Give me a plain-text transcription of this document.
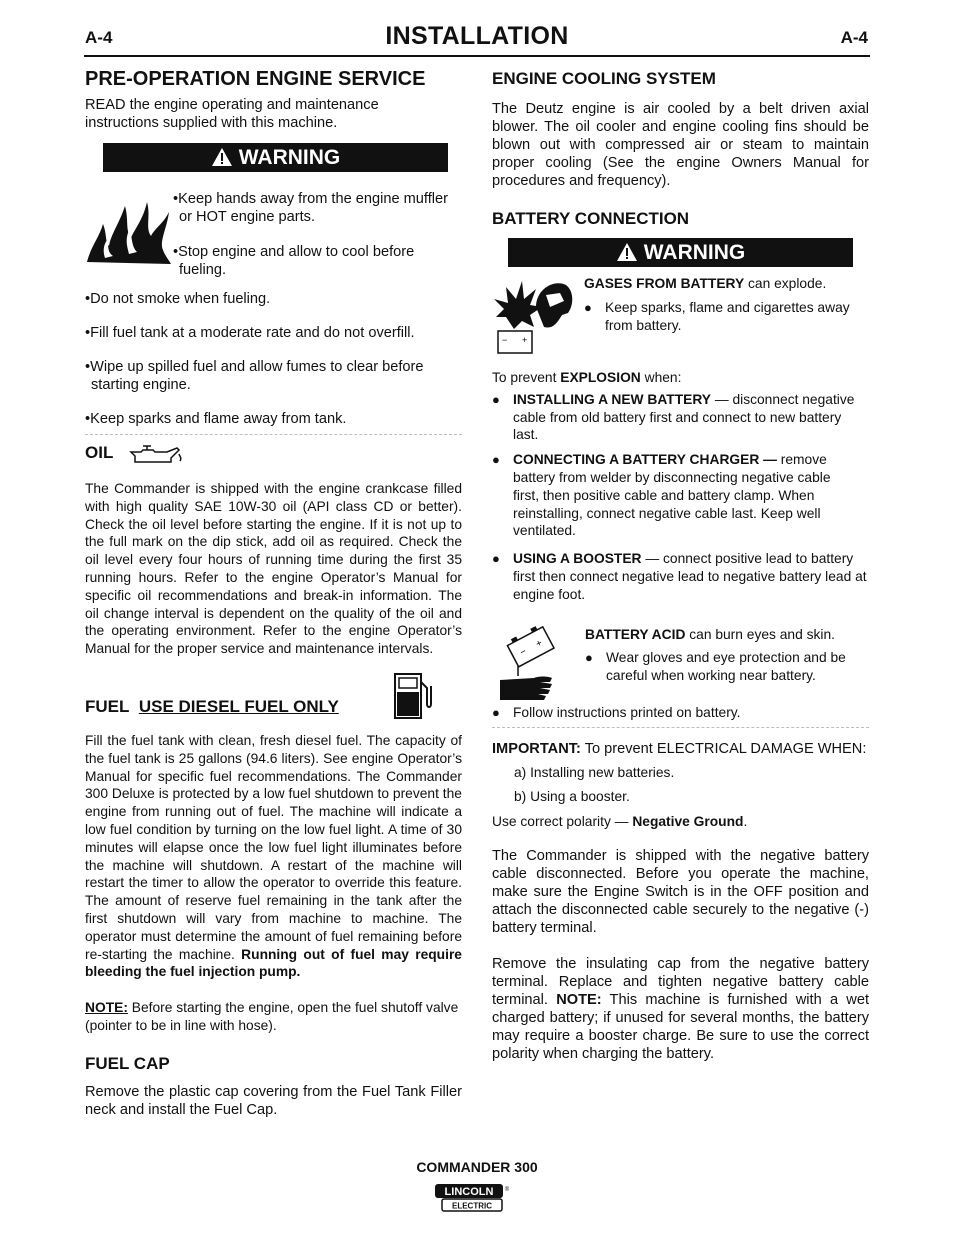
A-4	INSTALLATION	A-4
PRE-OPERATION ENGINE SERVICE

READ the engine operating and maintenance instructions supplied with this machine.

WARNING

•Keep hands away from the engine muffler or HOT engine parts.

•Stop engine and allow to cool before fueling.

•Do not smoke when fueling.

•Fill fuel tank at a moderate rate and do not overfill.

•Wipe up spilled fuel and allow fumes to clear before starting engine.

•Keep sparks and flame away from tank.

OIL

The Commander is shipped with the engine crankcase filled with high quality SAE 10W-30 oil (API class CD or better). Check the oil level before starting the engine. If it is not up to the full mark on the dip stick, add oil as required. Check the oil level every four hours of running time during the first 35 running hours. Refer to the engine Operator’s Manual for specific oil recommendations and break-in information. The oil change interval is dependent on the quality of the oil and the operating environment. Refer to the engine Operator’s Manual for the proper service and maintenance intervals.

FUEL USE DIESEL FUEL ONLY

Fill the fuel tank with clean, fresh diesel fuel. The capacity of the fuel tank is 25 gallons (94.6 liters). See engine Operator’s Manual for specific fuel recommendations. The Commander 300 Deluxe is protected by a low fuel shutdown to prevent the engine from running out of fuel. The machine will indicate a low fuel condition by turning on the low fuel light. A time of 30 minutes will elapse once the low fuel light illuminates before the machine will shutdown. A restart of the machine will restart the timer to allow the operator to override this feature. The amount of reserve fuel remaining in the tank after the first shutdown will vary from machine to machine. The operator must determine the amount of fuel remaining before re-starting the machine. Running out of fuel may require bleeding the fuel injection pump.

NOTE: Before starting the engine, open the fuel shutoff valve (pointer to be in line with hose).

FUEL CAP

Remove the plastic cap covering from the Fuel Tank Filler neck and install the Fuel Cap.

ENGINE COOLING SYSTEM

The Deutz engine is air cooled by a belt driven axial blower. The oil cooler and engine cooling fins should be blown out with compressed air or steam to maintain proper cooling (See the engine Owners Manual for procedures and frequency).

BATTERY CONNECTION
WARNING
− +

GASES FROM BATTERY can explode.

● Keep sparks, flame and cigarettes away from battery.

To prevent EXPLOSION when:

● INSTALLING A NEW BATTERY — disconnect negative cable from old battery first and connect to new battery last.
● CONNECTING A BATTERY CHARGER — remove battery from welder by disconnecting negative cable first, then positive cable and battery clamp. When reinstalling, connect negative cable last. Keep well ventilated.
● USING A BOOSTER — connect positive lead to battery first then connect negative lead to negative battery lead at engine foot.
−
+

BATTERY ACID can burn eyes and skin.

● Wear gloves and eye protection and be careful when working near battery.
● Follow instructions printed on battery.

IMPORTANT: To prevent ELECTRICAL DAMAGE WHEN:

a) Installing new batteries.

b) Using a booster.

Use correct polarity — Negative Ground.

The Commander is shipped with the negative battery cable disconnected. Before you operate the machine, make sure the Engine Switch is in the OFF position and attach the disconnected cable securely to the negative (-) battery terminal.

Remove the insulating cap from the negative battery terminal. Replace and tighten negative battery cable terminal. NOTE: This machine is furnished with a wet charged battery; if unused for several months, the battery may require a booster charge. Be sure to use the correct polarity when charging the battery.

COMMANDER 300
LINCOLN ®
ELECTRIC
